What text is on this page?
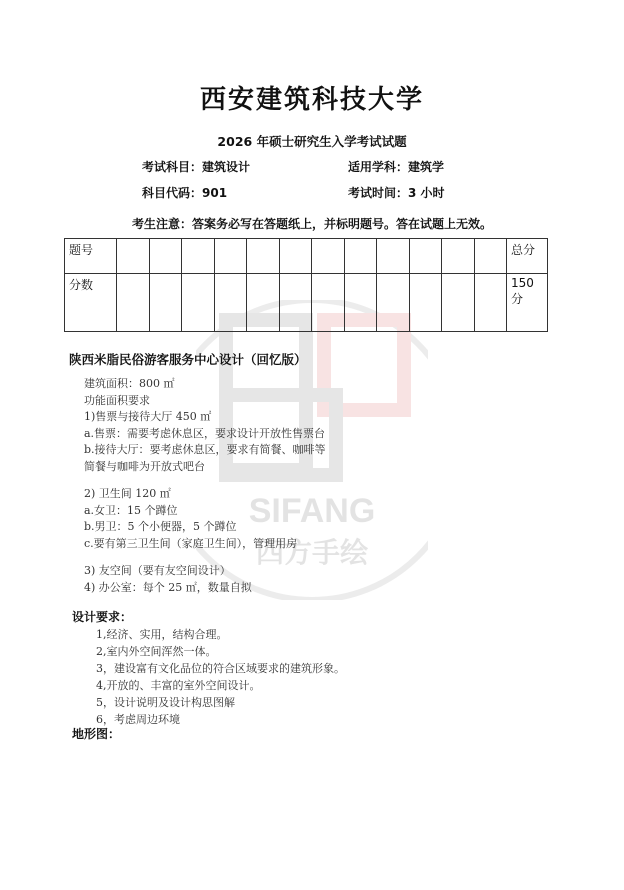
SIFANG
四方手绘
西安建筑科技大学
2026 年硕士研究生入学考试试题
考试科目：建筑设计	适用学科：建筑学
科目代码：901	考试时间：3 小时
考生注意：答案务必写在答题纸上，并标明题号。答在试题上无效。
题号													总分
分数													150 分
陕西米脂民俗游客服务中心设计（回忆版）
建筑面积：800 ㎡
功能面积要求
1)售票与接待大厅 450 ㎡
a.售票：需要考虑休息区，要求设计开放性售票台
b.接待大厅：要考虑休息区，要求有简餐、咖啡等
简餐与咖啡为开放式吧台
2) 卫生间 120 ㎡
a.女卫：15 个蹲位
b.男卫：5 个小便器，5 个蹲位
c.要有第三卫生间（家庭卫生间），管理用房
3) 友空间（要有友空间设计）
4) 办公室：每个 25 ㎡，数量自拟
设计要求：
1,经济、实用，结构合理。
2,室内外空间浑然一体。
3，建设富有文化品位的符合区域要求的建筑形象。
4,开放的、丰富的室外空间设计。
5，设计说明及设计构思图解
6，考虑周边环境
地形图：
